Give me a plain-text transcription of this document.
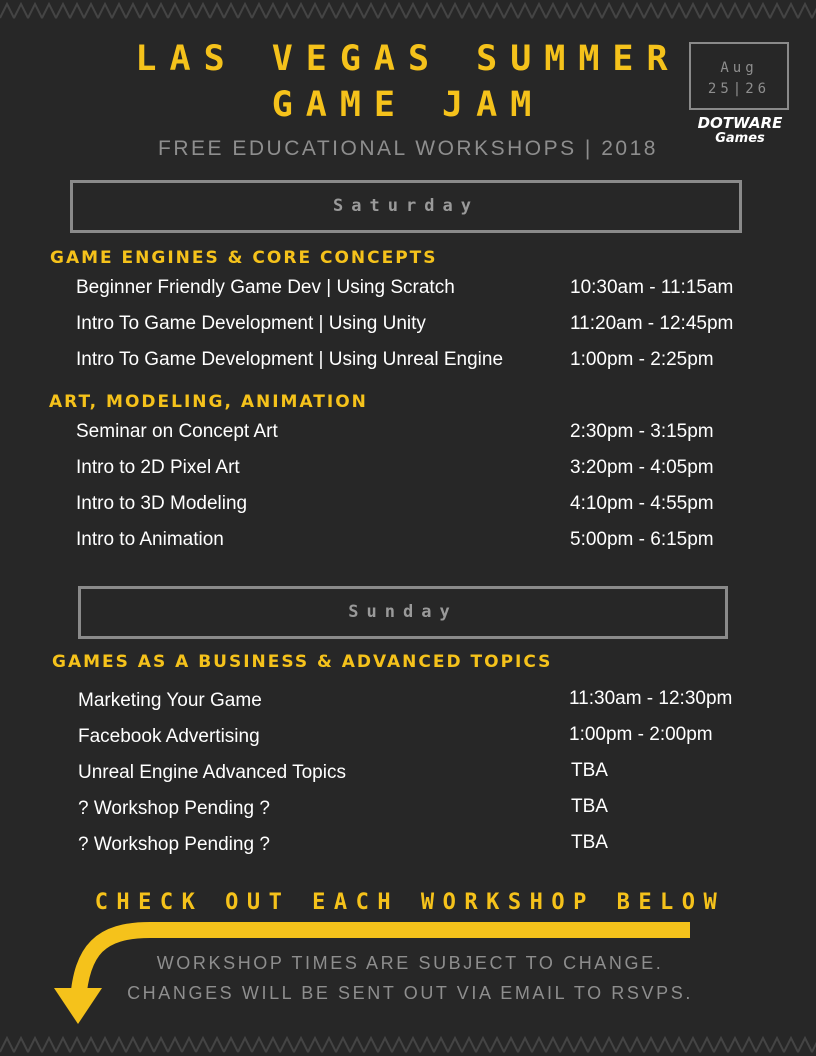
LAS VEGAS SUMMER
GAME JAM
FREE EDUCATIONAL WORKSHOPS | 2018
Aug
25|26
DOTWARE
Games
Saturday
GAME ENGINES & CORE CONCEPTS
Beginner Friendly Game Dev | Using Scratch	10:30am - 11:15am
Intro To Game Development | Using Unity	11:20am - 12:45pm
Intro To Game Development | Using Unreal Engine	1:00pm - 2:25pm
ART, MODELING, ANIMATION
Seminar on Concept Art	2:30pm - 3:15pm
Intro to 2D Pixel Art	3:20pm - 4:05pm
Intro to 3D Modeling	4:10pm - 4:55pm
Intro to Animation	5:00pm - 6:15pm
Sunday
GAMES AS A BUSINESS & ADVANCED TOPICS
Marketing Your Game	11:30am - 12:30pm
Facebook Advertising	1:00pm - 2:00pm
Unreal Engine Advanced Topics	TBA
? Workshop Pending ?	TBA
? Workshop Pending ?	TBA
CHECK OUT EACH WORKSHOP BELOW
WORKSHOP TIMES ARE SUBJECT TO CHANGE.
CHANGES WILL BE SENT OUT VIA EMAIL TO RSVPS.
